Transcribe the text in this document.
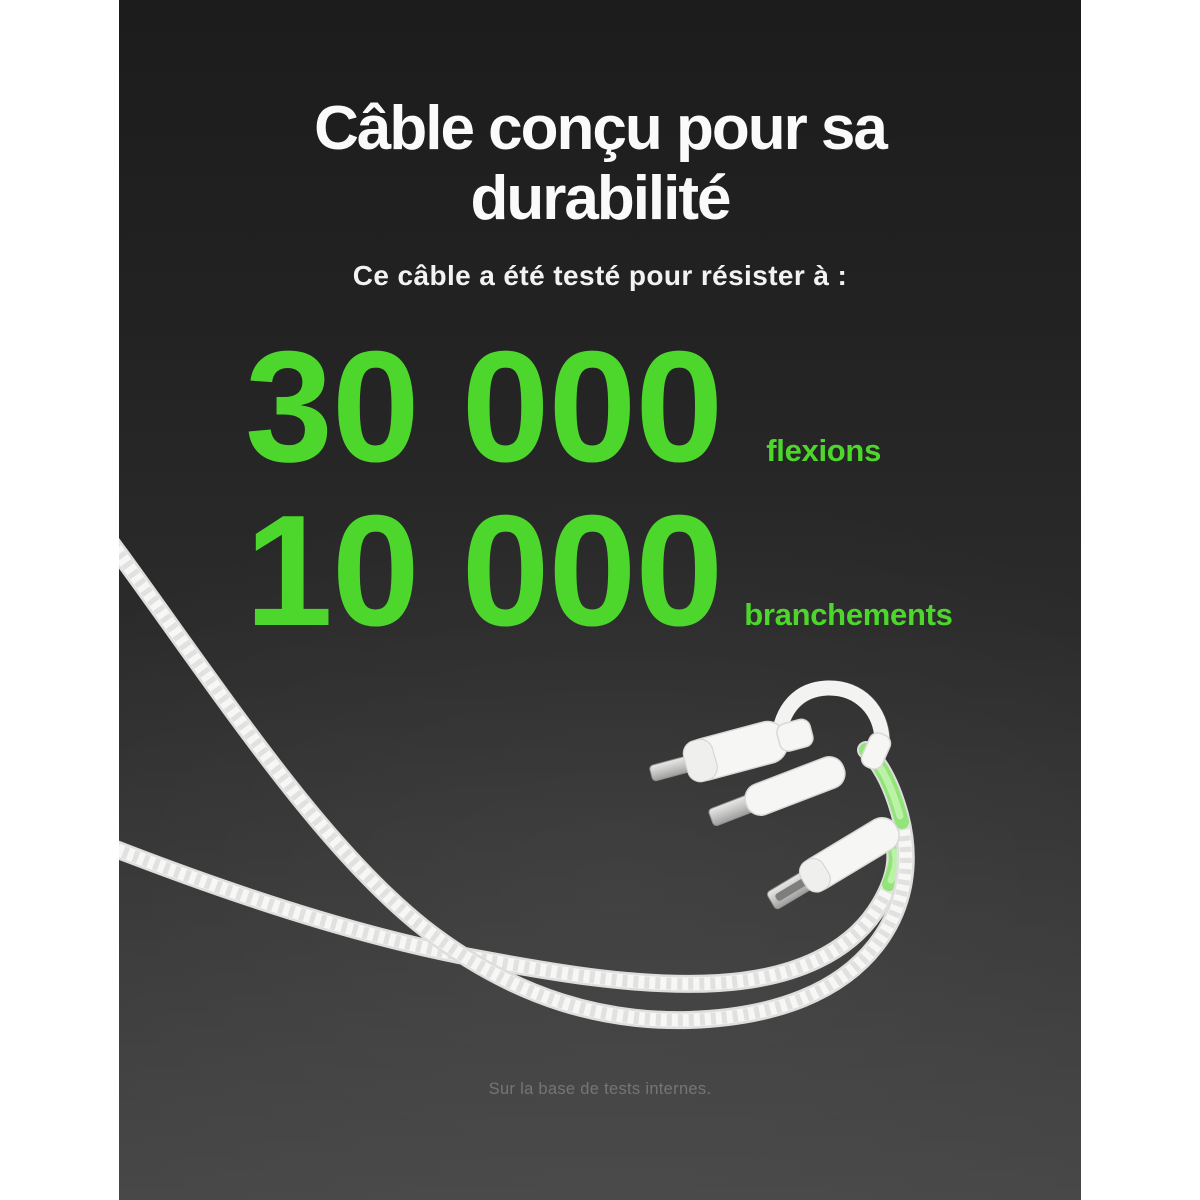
Câble conçu pour sa
durabilité
Ce câble a été testé pour résister à :
30 000 flexions
10 000 branchements
Sur la base de tests internes.
